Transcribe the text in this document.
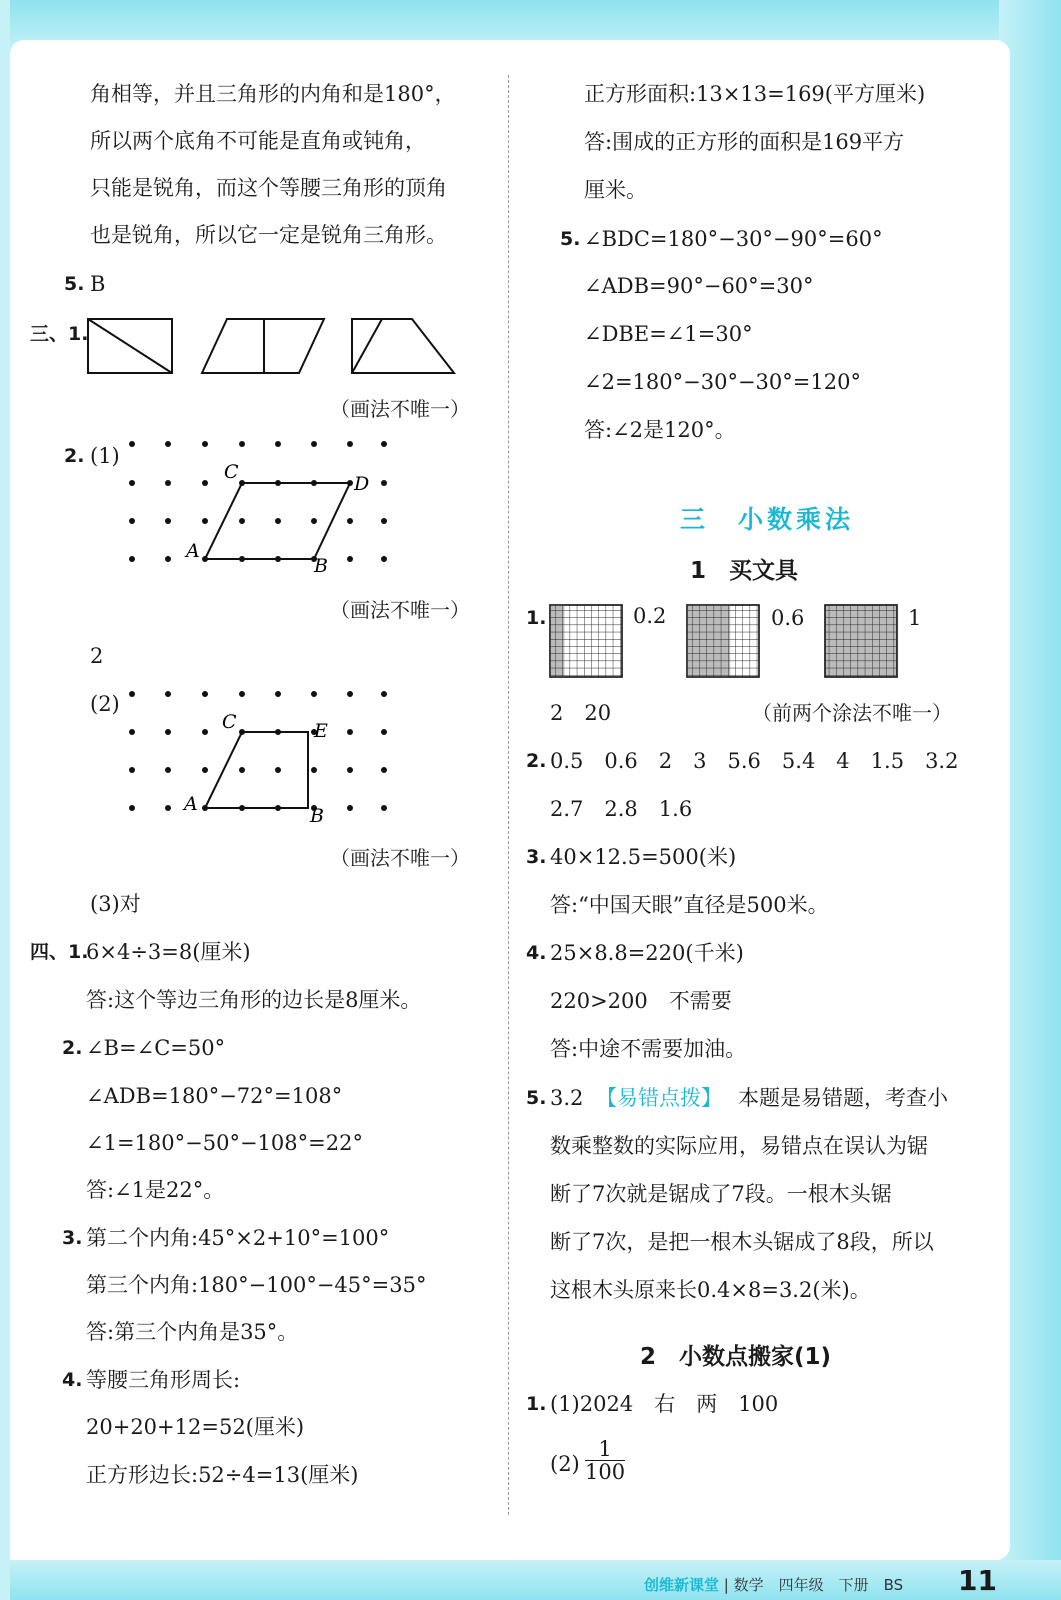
角相等，并且三角形的内角和是180°，
所以两个底角不可能是直角或钝角，
只能是锐角，而这个等腰三角形的顶角
也是锐角，所以它一定是锐角三角形。
5. B
三、1.
（画法不唯一）
2. (1)
C
D
A
B
（画法不唯一）
2
(2)
C	E
A
B
（画法不唯一）
(3)对
四、1.
6×4÷3=8(厘米)
答:这个等边三角形的边长是8厘米。
2. ∠B=∠C=50°
∠ADB=180°−72°=108°
∠1=180°−50°−108°=22°
答:∠1是22°。
3. 第二个内角:45°×2+10°=100°
第三个内角:180°−100°−45°=35°
答:第三个内角是35°。
4. 等腰三角形周长:
20+20+12=52(厘米)
正方形边长:52÷4=13(厘米)
正方形面积:13×13=169(平方厘米)
答:围成的正方形的面积是169平方
厘米。
5. ∠BDC=180°−30°−90°=60°
∠ADB=90°−60°=30°
∠DBE=∠1=30°
∠2=180°−30°−30°=120°
答:∠2是120°。
三　小数乘法
1　买文具
1.	0.2	0.6	1
2　20	（前两个涂法不唯一）
2. 0.5　0.6　2　3　5.6　5.4　4　1.5　3.2
2.7　2.8　1.6
3. 40×12.5=500(米)
答:“中国天眼”直径是500米。
4. 25×8.8=220(千米)
220>200　不需要
答:中途不需要加油。
5. 3.2 【易错点拨】 本题是易错题，考查小
数乘整数的实际应用，易错点在误认为锯
断了7次就是锯成了7段。一根木头锯
断了7次，是把一根木头锯成了8段，所以
这根木头原来长0.4×8=3.2(米)。
2　小数点搬家(1)
1. (1)2024　右　两　100
$(2) \frac{1}{100}$
创维新课堂 | 数学　四年级　下册　BS 11
